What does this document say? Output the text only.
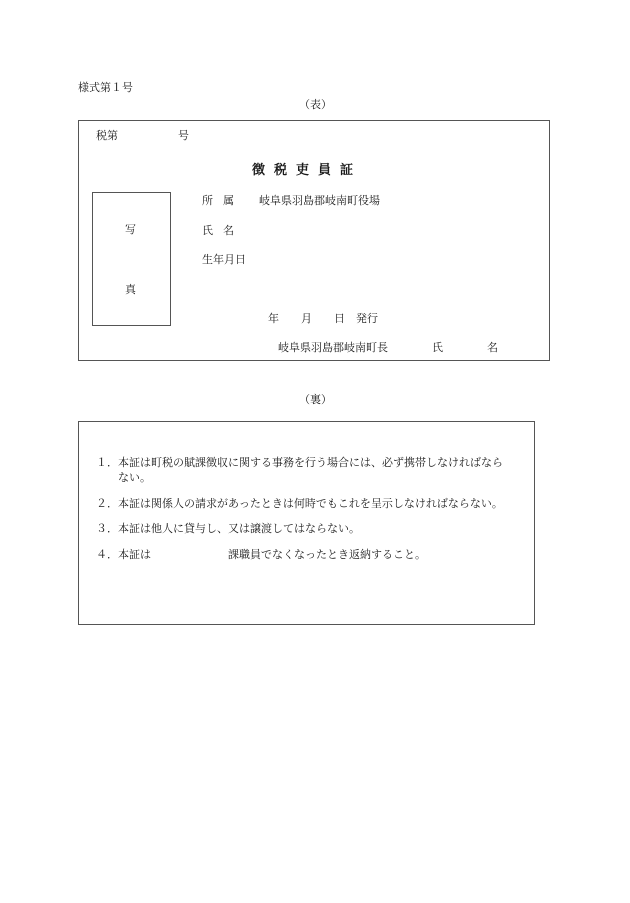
様式第１号
（表）
税第	号
徴税吏員証
写
真
所属 岐阜県羽島郡岐南町役場
氏名
生年月日
年　　月　　日　発行
岐阜県羽島郡岐南町長　　　　氏　　　　名
（裏）
１．本証は町税の賦課徴収に関する事務を行う場合には、必ず携帯しなければなら
ない。
２．本証は関係人の請求があったときは何時でもこれを呈示しなければならない。
３．本証は他人に貸与し、又は譲渡してはならない。
４．本証は　　　　　　　課職員でなくなったとき返納すること。
